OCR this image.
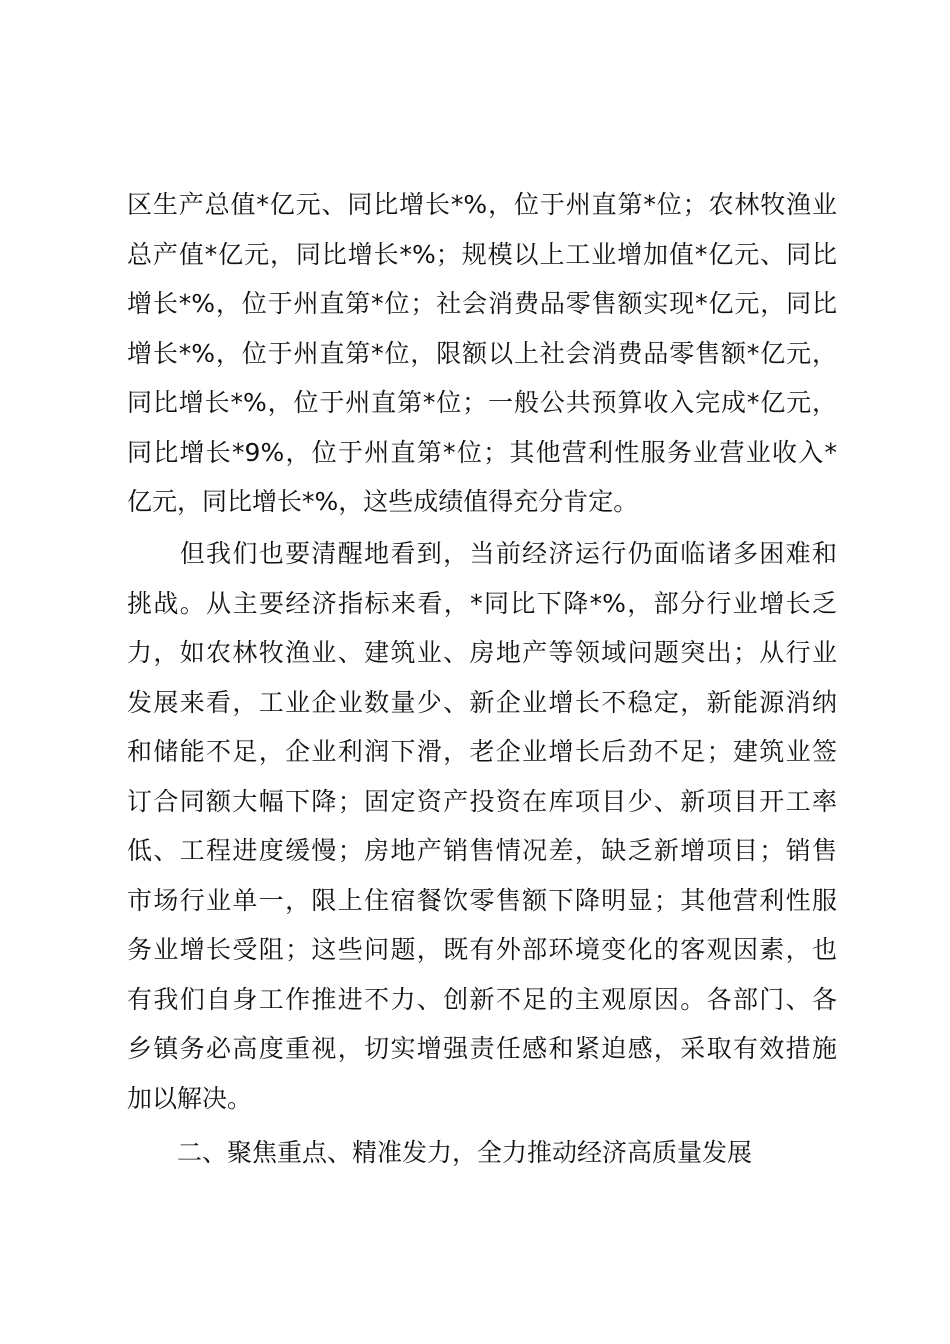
区生产总值*亿元、同比增长*%，位于州直第*位；农林牧渔业
总产值*亿元，同比增长*%；规模以上工业增加值*亿元、同比
增长*%，位于州直第*位；社会消费品零售额实现*亿元，同比
增长*%，位于州直第*位，限额以上社会消费品零售额*亿元，
同比增长*%，位于州直第*位；一般公共预算收入完成*亿元，
同比增长*9%，位于州直第*位；其他营利性服务业营业收入*
亿元，同比增长*%，这些成绩值得充分肯定。
　　但我们也要清醒地看到，当前经济运行仍面临诸多困难和
挑战。从主要经济指标来看，*同比下降*%，部分行业增长乏
力，如农林牧渔业、建筑业、房地产等领域问题突出；从行业
发展来看，工业企业数量少、新企业增长不稳定，新能源消纳
和储能不足，企业利润下滑，老企业增长后劲不足；建筑业签
订合同额大幅下降；固定资产投资在库项目少、新项目开工率
低、工程进度缓慢；房地产销售情况差，缺乏新增项目；销售
市场行业单一，限上住宿餐饮零售额下降明显；其他营利性服
务业增长受阻；这些问题，既有外部环境变化的客观因素，也
有我们自身工作推进不力、创新不足的主观原因。各部门、各
乡镇务必高度重视，切实增强责任感和紧迫感，采取有效措施
加以解决。
二、聚焦重点、精准发力，全力推动经济高质量发展
